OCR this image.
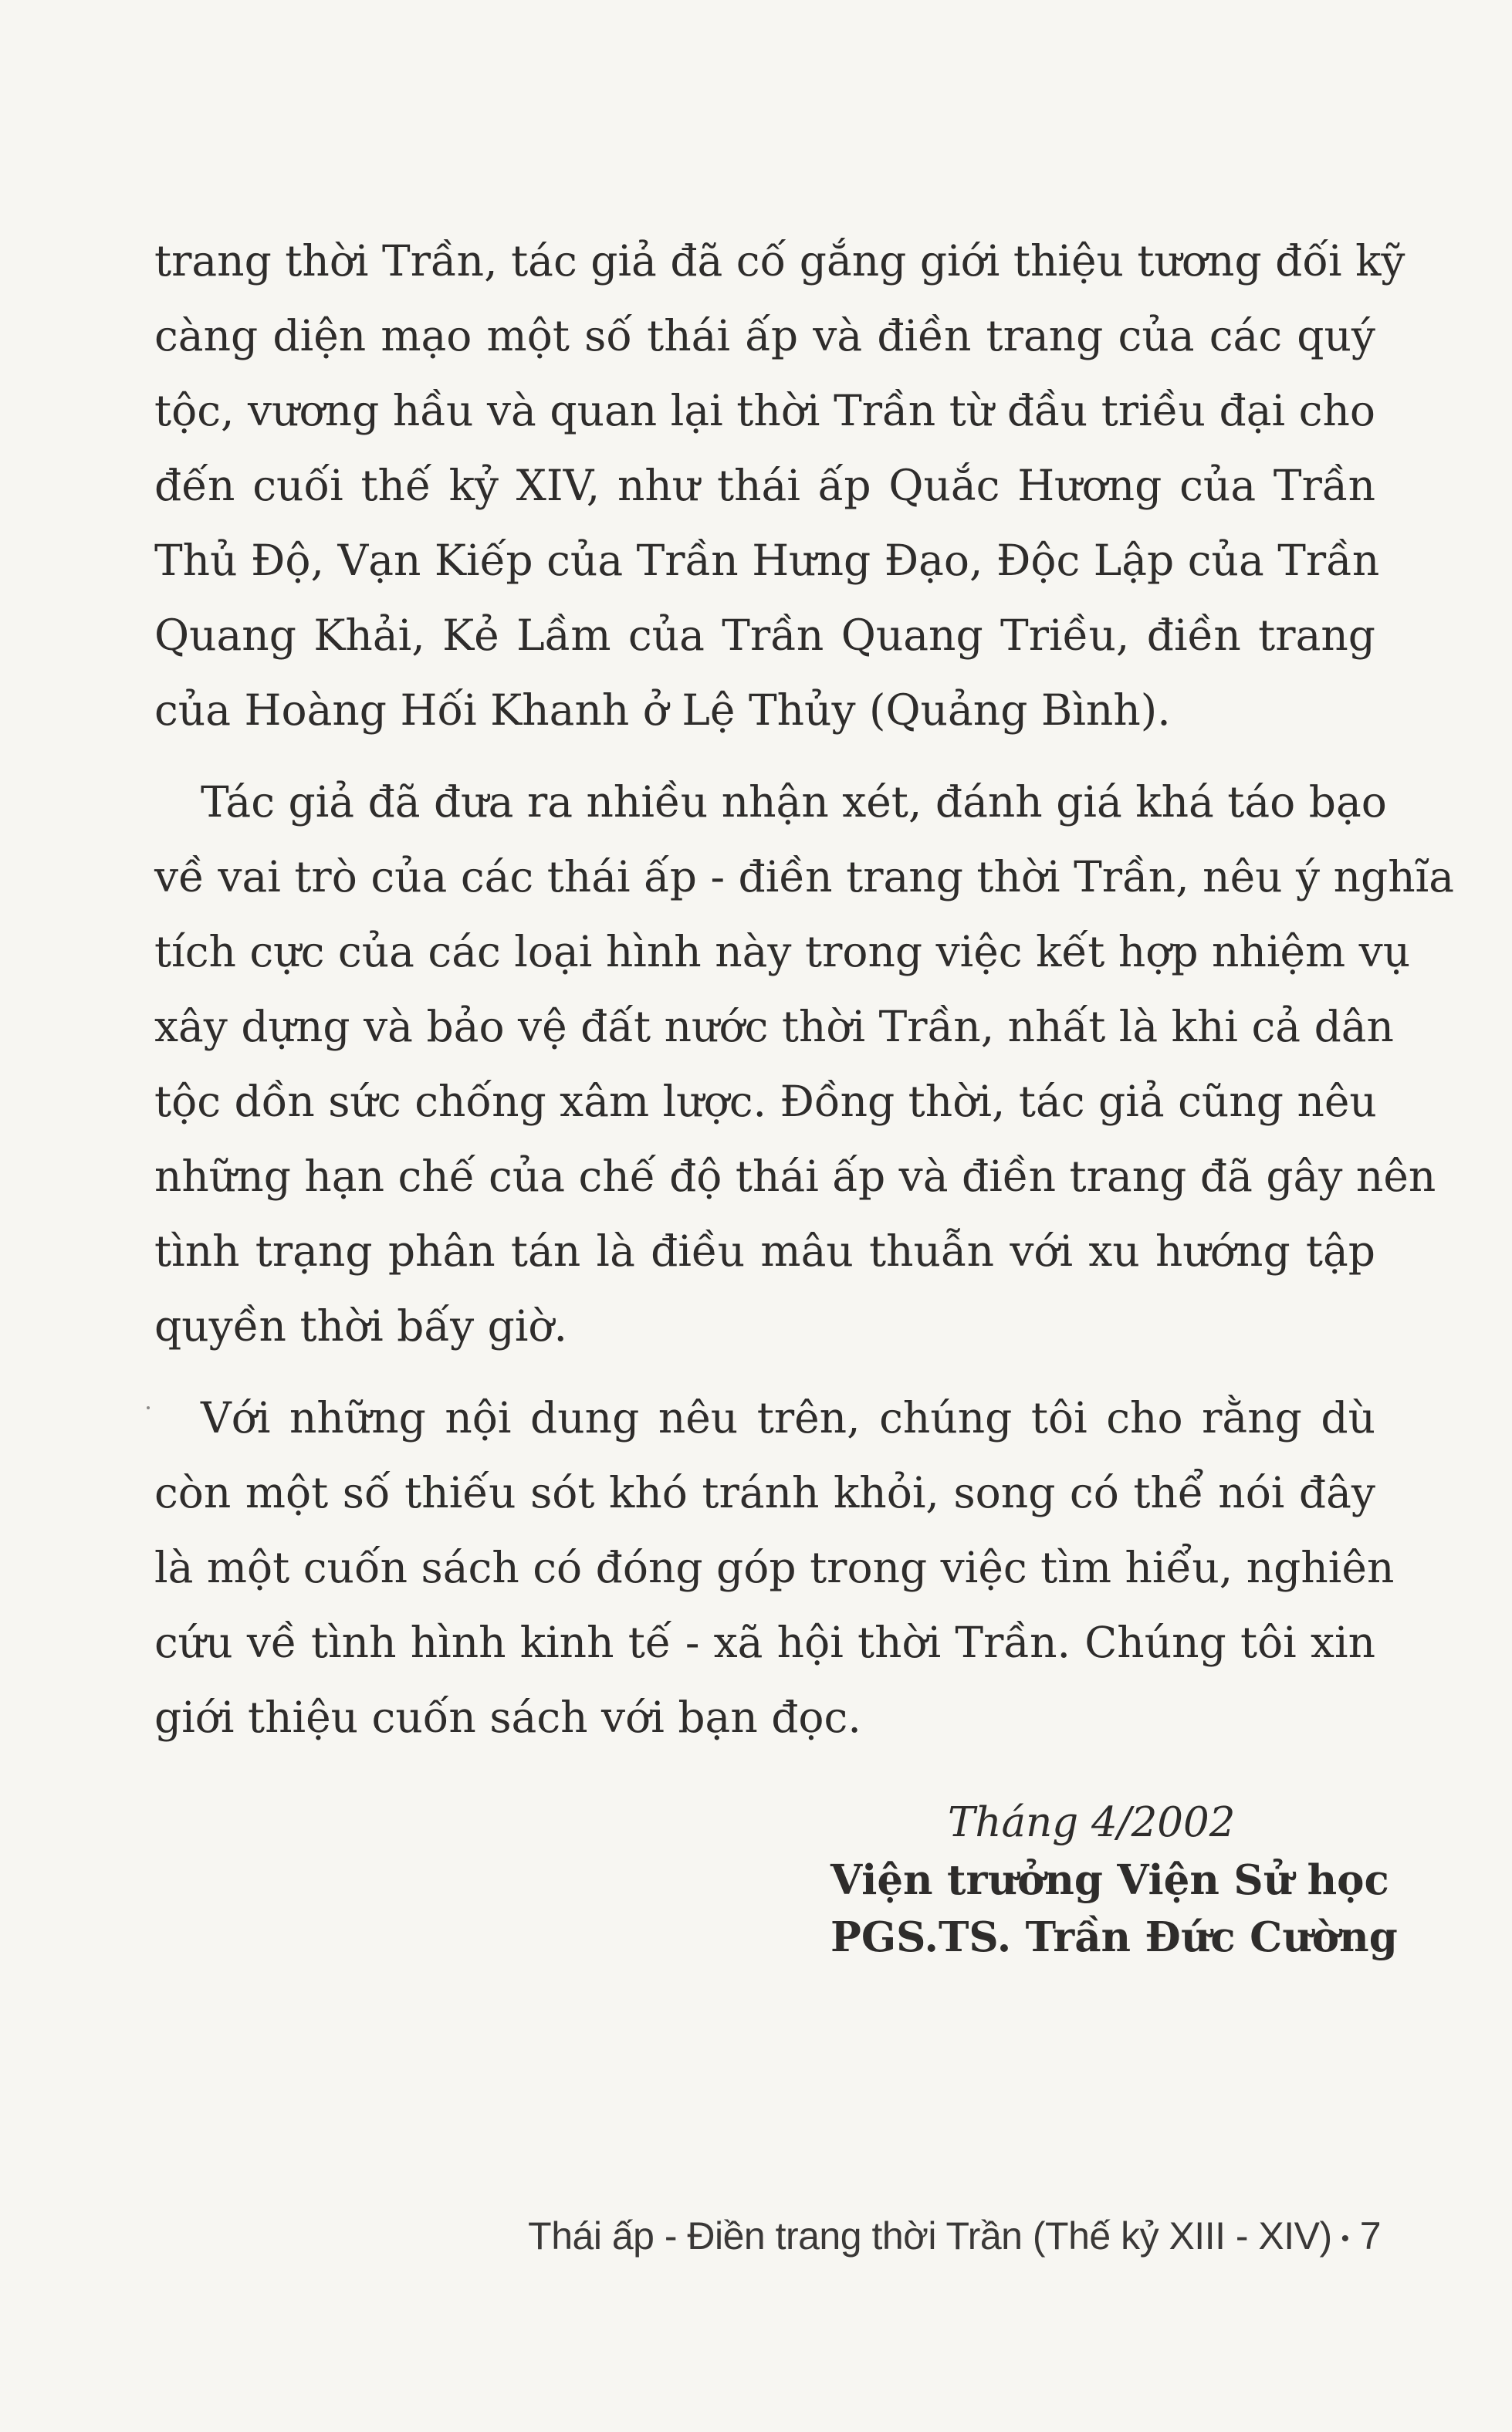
trang thời Trần, tác giả đã cố gắng giới thiệu tương đối kỹ
càng diện mạo một số thái ấp và điền trang của các quý
tộc, vương hầu và quan lại thời Trần từ đầu triều đại cho
đến cuối thế kỷ XIV, như thái ấp Quắc Hương của Trần
Thủ Độ, Vạn Kiếp của Trần Hưng Đạo, Độc Lập của Trần
Quang Khải, Kẻ Lầm của Trần Quang Triều, điền trang
của Hoàng Hối Khanh ở Lệ Thủy (Quảng Bình).
Tác giả đã đưa ra nhiều nhận xét, đánh giá khá táo bạo
về vai trò của các thái ấp - điền trang thời Trần, nêu ý nghĩa
tích cực của các loại hình này trong việc kết hợp nhiệm vụ
xây dựng và bảo vệ đất nước thời Trần, nhất là khi cả dân
tộc dồn sức chống xâm lược. Đồng thời, tác giả cũng nêu
những hạn chế của chế độ thái ấp và điền trang đã gây nên
tình trạng phân tán là điều mâu thuẫn với xu hướng tập
quyền thời bấy giờ.
Với những nội dung nêu trên, chúng tôi cho rằng dù
còn một số thiếu sót khó tránh khỏi, song có thể nói đây
là một cuốn sách có đóng góp trong việc tìm hiểu, nghiên
cứu về tình hình kinh tế - xã hội thời Trần. Chúng tôi xin
giới thiệu cuốn sách với bạn đọc.
Tháng 4/2002
Viện trưởng Viện Sử học
PGS.TS. Trần Đức Cường
Thái ấp - Điền trang thời Trần (Thế kỷ XIII - XIV) • 7
